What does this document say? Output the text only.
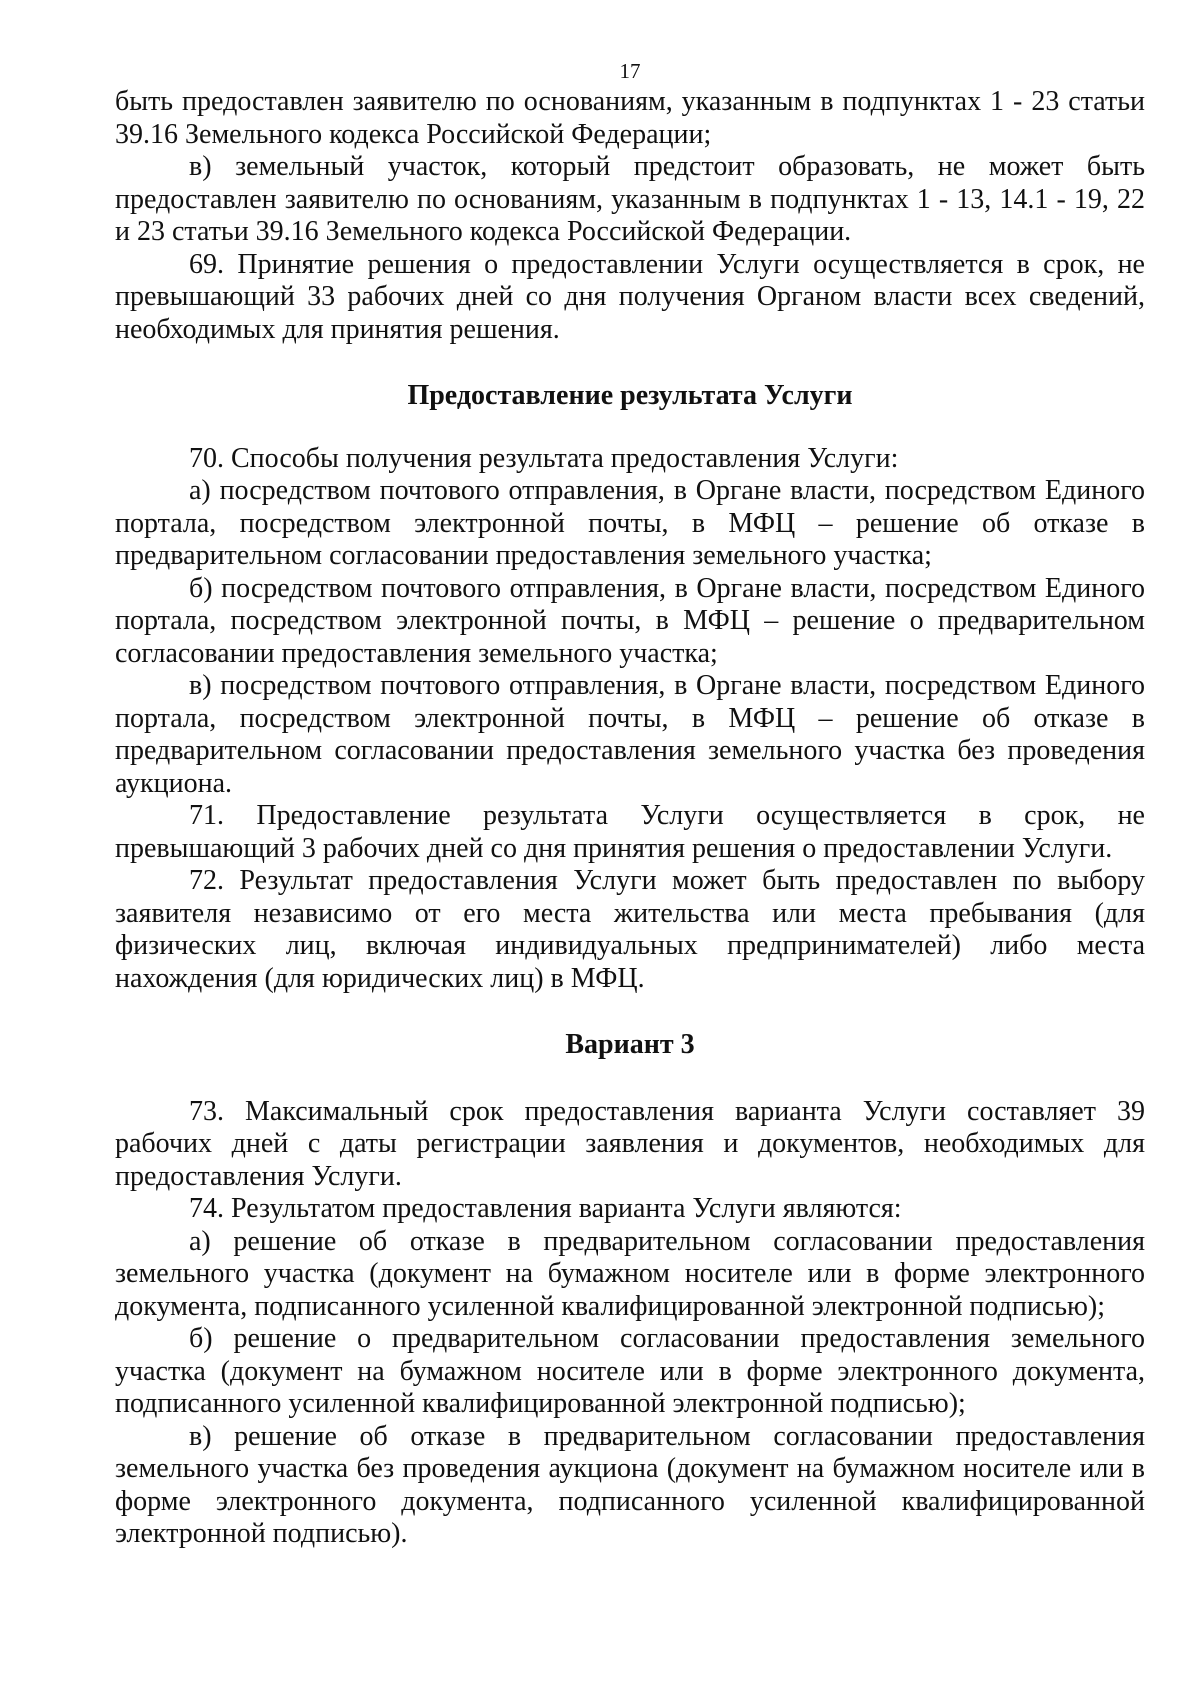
17

быть предоставлен заявителю по основаниям, указанным в подпунктах 1 - 23 статьи 39.16 Земельного кодекса Российской Федерации;

в) земельный участок, который предстоит образовать, не может быть предоставлен заявителю по основаниям, указанным в подпунктах 1 - 13, 14.1 - 19, 22 и 23 статьи 39.16 Земельного кодекса Российской Федерации.

69. Принятие решения о предоставлении Услуги осуществляется в срок, не превышающий 33 рабочих дней со дня получения Органом власти всех сведений, необходимых для принятия решения.

Предоставление результата Услуги

70. Способы получения результата предоставления Услуги:

а) посредством почтового отправления, в Органе власти, посредством Единого портала, посредством электронной почты, в МФЦ – решение об отказе в предварительном согласовании предоставления земельного участка;

б) посредством почтового отправления, в Органе власти, посредством Единого портала, посредством электронной почты, в МФЦ – решение о предварительном согласовании предоставления земельного участка;

в) посредством почтового отправления, в Органе власти, посредством Единого портала, посредством электронной почты, в МФЦ – решение об отказе в предварительном согласовании предоставления земельного участка без проведения аукциона.

71. Предоставление результата Услуги осуществляется в срок, не превышающий 3 рабочих дней со дня принятия решения о предоставлении Услуги.

72. Результат предоставления Услуги может быть предоставлен по выбору заявителя независимо от его места жительства или места пребывания (для физических лиц, включая индивидуальных предпринимателей) либо места нахождения (для юридических лиц) в МФЦ.

Вариант 3

73. Максимальный срок предоставления варианта Услуги составляет 39 рабочих дней с даты регистрации заявления и документов, необходимых для предоставления Услуги.

74. Результатом предоставления варианта Услуги являются:

а) решение об отказе в предварительном согласовании предоставления земельного участка (документ на бумажном носителе или в форме электронного документа, подписанного усиленной квалифицированной электронной подписью);

б) решение о предварительном согласовании предоставления земельного участка (документ на бумажном носителе или в форме электронного документа, подписанного усиленной квалифицированной электронной подписью);

в) решение об отказе в предварительном согласовании предоставления земельного участка без проведения аукциона (документ на бумажном носителе или в форме электронного документа, подписанного усиленной квалифицированной электронной подписью).
